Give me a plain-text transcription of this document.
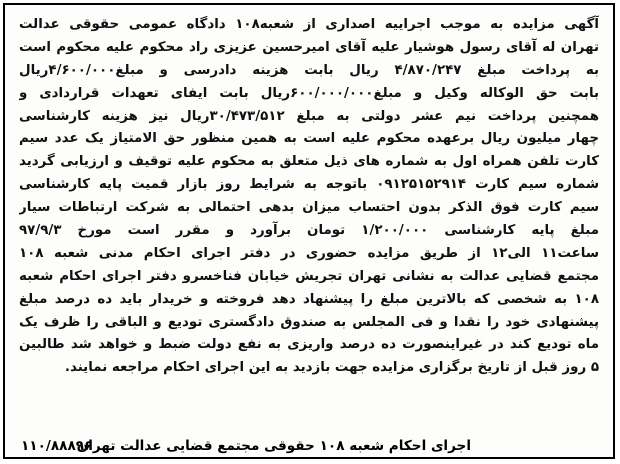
آگهی مزایده به موجب اجراییه اصداری از شعبه۱۰۸ دادگاه عمومی حقوقی عدالت
تهران له آقای رسول هوشیار علیه آقای امیرحسین عزیزی راد محکوم علیه محکوم است
به پرداخت مبلغ ۴/۸۷۰/۲۴۷ ریال بابت هزینه دادرسی و مبلغ۴/۶۰۰/۰۰۰ریال
بابت حق الوکاله وکیل و مبلغ۶۰۰/۰۰۰/۰۰۰ریال بابت ایفای تعهدات قراردادی و
همچنین پرداخت نیم عشر دولتی به مبلغ ۳۰/۴۷۳/۵۱۲ریال نیز هزینه کارشناسی
چهار میلیون ریال برعهده محکوم علیه است به همین منظور حق الامتیاز یک عدد سیم
کارت تلفن همراه اول به شماره های ذیل متعلق به محکوم علیه توقیف و ارزیابی گردید
شماره سیم کارت ۰۹۱۲۵۱۵۲۹۱۴ باتوجه به شرایط روز بازار قمیت پایه کارشناسی
سیم کارت فوق الذکر بدون احتساب میزان بدهی احتمالی به شرکت ارتباطات سیار
مبلغ پایه کارشناسی ۱/۲۰۰/۰۰۰ تومان برآورد و مقرر است مورخ ۹۷/۹/۳
ساعت۱۱ الی۱۲ از طریق مزایده حضوری در دفتر اجرای احکام مدنی شعبه ۱۰۸
مجتمع قضایی عدالت به نشانی تهران تجریش خیابان فناخسرو دفتر اجرای احکام شعبه
۱۰۸ به شخصی که بالاترین مبلغ را پیشنهاد دهد فروخته و خریدار باید ده درصد مبلغ
پیشنهادی خود را نقدا و فی المجلس به صندوق دادگستری تودیع و الباقی را ظرف یک
ماه تودیع کند در غیراینصورت ده درصد واریزی به نفع دولت ضبط و خواهد شد طالبین
۵ روز قبل از تاریخ برگزاری مزایده جهت بازدید به این اجرای احکام مراجعه نمایند.
اجرای احکام شعبه ۱۰۸ حقوقی مجتمع قضایی عدالت تهران
۱۱۰/۸۸۸۹۶
